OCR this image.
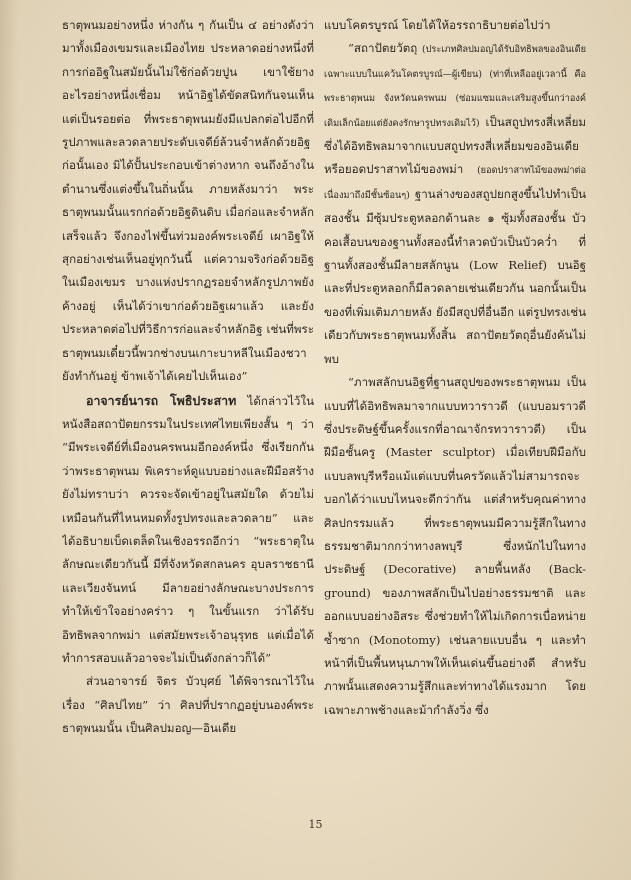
ธาตุพนมอย่างหนึ่ง ห่างกัน ๆ กันเป็น ๔ อย่างดังว่า มาทั้งเมืองเขมรและเมืองไทย ประหลาดอย่างหนึ่งที่การก่ออิฐในสมัยนั้นไม่ใช้ก่อด้วยปูน เขาใช้ยางอะไรอย่างหนึ่งเชื่อม หน้าอิฐได้ขัดสนิทกันจนเห็นแต่เป็นรอยต่อ ที่พระธาตุพนมยังมีแปลกต่อไปอีกที่รูปภาพและลวดลายประดับเจดีย์ล้วนจำหลักด้วยอิฐก่อนั้นเอง มิได้ปั้นประกอบเข้าต่างหาก จนถึงอ้างในตำนานซึ่งแต่งขึ้นในถิ่นนั้น ภายหลังมาว่า พระธาตุพนมนั้นแรกก่อด้วยอิฐดินดิบ เมื่อก่อและจำหลักเสร็จแล้ว จึงกองไฟขึ้นท่วมองค์พระเจดีย์ เผาอิฐให้สุกอย่างเช่นเห็นอยู่ทุกวันนี้ แต่ความจริงก่อด้วยอิฐในเมืองเขมร บางแห่งปรากฏรอยจำหลักรูปภาพยังค้างอยู่ เห็นได้ว่าเขาก่อด้วยอิฐเผาแล้ว และยังประหลาดต่อไปที่วิธีการก่อและจำหลักอิฐ เช่นที่พระธาตุพนมเดี๋ยวนี้พวกช่างบนเกาะบาหลีในเมืองชวายังทำกันอยู่ ข้าพเจ้าได้เคยไปเห็นเอง”

อาจารย์นารถ โพธิประสาท ได้กล่าวไว้ในหนังสือสถาปัตยกรรมในประเทศไทยเพียงสั้น ๆ ว่า “มีพระเจดีย์ที่เมืองนครพนมอีกองค์หนึ่ง ซึ่งเรียกกันว่าพระธาตุพนม พิเคราะห์ดูแบบอย่างและฝีมือสร้างยังไม่ทราบว่า ควรจะจัดเข้าอยู่ในสมัยใด ด้วยไม่เหมือนกันที่ไหนหมดทั้งรูปทรงและลวดลาย” และได้อธิบายเบ็ดเตล็ดในเชิงอรรถอีกว่า “พระธาตุในลักษณะเดียวกันนี้ มีที่จังหวัดสกลนคร อุบลราชธานี และเวียงจันทน์ มีลายอย่างลักษณะบางประการทำให้เข้าใจอย่างคร่าว ๆ ในขั้นแรก ว่าได้รับอิทธิพลจากพม่า แต่สมัยพระเจ้าอนุรุทธ แต่เมื่อได้ทำการสอบแล้วอาจจะไม่เป็นดังกล่าวก็ได้”

ส่วนอาจารย์ จิตร บัวบุศย์ ได้พิจารณาไว้ในเรื่อง “ศิลปไทย” ว่า ศิลปที่ปรากฏอยู่บนองค์พระธาตุพนมนั้น เป็นศิลปมอญ—อินเดีย

แบบโคตรบูรณ์ โดยได้ให้อรรถาธิบายต่อไปว่า

“สถาปัตยวัตถุ (ประเภทศิลปมอญได้รับอิทธิพลของอินเดียเฉพาะแบบในแคว้นโคตรบูรณ์—ผู้เขียน) (ท่าที่เหลืออยู่เวลานี้ คือพระธาตุพนม จังหวัดนครพนม (ซ่อมแซมและเสริมสูงขึ้นกว่าองค์เดิมเล็กน้อยแต่ยังคงรักษารูปทรงเดิมไว้) เป็นสถูปทรงสี่เหลี่ยมซึ่งได้อิทธิพลมาจากแบบสถูปทรงสี่เหลี่ยมของอินเดีย หรือยอดปราสาทไม้ของพม่า (ยอดปราสาทไม้ของพม่าต่อเนื่องมาถึงมีชั้นซ้อนๆ) ฐานล่างของสถูปยกสูงขึ้นไปทำเป็นสองชั้น มีซุ้มประตูหลอกด้านละ ๑ ซุ้มทั้งสองชั้น บัวคอเสื้อบนของฐานทั้งสองนี้ทำลวดบัวเป็นบัวคว่ำ ที่ฐานทั้งสองชั้นมีลายสลักนูน (Low Relief) บนอิฐ และที่ประตูหลอกก็มีลวดลายเช่นเดียวกัน นอกนั้นเป็นของที่เพิ่มเติมภายหลัง ยังมีสถูปที่อื่นอีก แต่รูปทรงเช่นเดียวกับพระธาตุพนมทั้งสิ้น สถาปัตยวัตถุอื่นยังค้นไม่พบ

“ภาพสลักบนอิฐที่ฐานสถูปของพระธาตุพนม เป็นแบบที่ได้อิทธิพลมาจากแบบทวาราวดี (แบบอมราวดี ซึ่งประดิษฐ์ขึ้นครั้งแรกที่อาณาจักรทวาราวดี) เป็นฝีมือชั้นครู (Master sculptor) เมื่อเทียบฝีมือกับแบบลพบุรีหรือแม้แต่แบบที่นครวัดแล้วไม่สามารถจะบอกได้ว่าแบบไหนจะดีกว่ากัน แต่สำหรับคุณค่าทางศิลปกรรมแล้ว ที่พระธาตุพนมมีความรู้สึกในทางธรรมชาติมากกว่าทางลพบุรี ซึ่งหนักไปในทางประดิษฐ์ (Decorative) ลายพื้นหลัง (Back-ground) ของภาพสลักเป็นไปอย่างธรรมชาติ และออกแบบอย่างอิสระ ซึ่งช่วยทำให้ไม่เกิดการเบื่อหน่ายซ้ำซาก (Monotomy) เช่นลายแบบอื่น ๆ และทำหน้าที่เป็นพื้นหนุนภาพให้เห็นเด่นขึ้นอย่างดี สำหรับภาพนั้นแสดงความรู้สึกและท่าทางได้แรงมาก โดยเฉพาะภาพช้างและม้ากำลังวิ่ง ซึ่ง

15
